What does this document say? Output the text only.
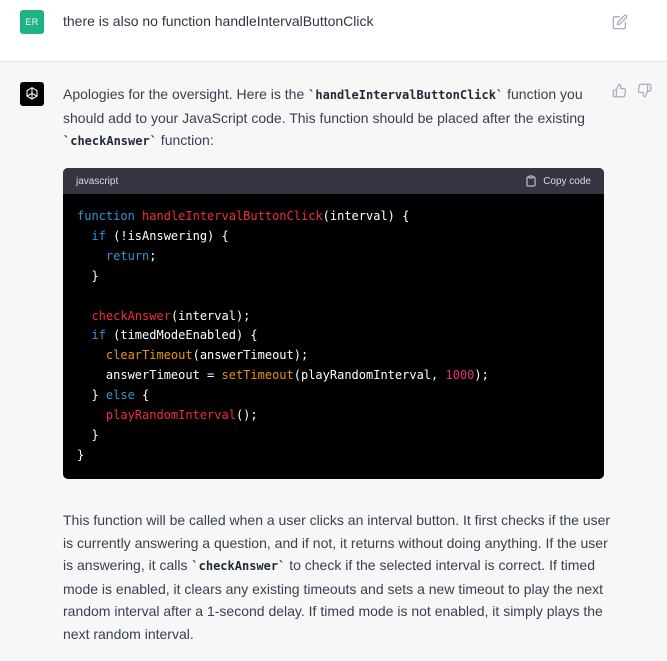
ER there is also no function handleIntervalButtonClick
Apologies for the oversight. Here is the `handleIntervalButtonClick` function you
should add to your JavaScript code. This function should be placed after the existing
`checkAnswer` function:
javascript	Copy code
function handleIntervalButtonClick(interval) {
if (!isAnswering) {
return;
}

checkAnswer(interval);
if (timedModeEnabled) {
clearTimeout(answerTimeout);
answerTimeout = setTimeout(playRandomInterval, 1000);
} else {
playRandomInterval();
}
}
This function will be called when a user clicks an interval button. It first checks if the user
is currently answering a question, and if not, it returns without doing anything. If the user
is answering, it calls `checkAnswer` to check if the selected interval is correct. If timed
mode is enabled, it clears any existing timeouts and sets a new timeout to play the next
random interval after a 1-second delay. If timed mode is not enabled, it simply plays the
next random interval.
